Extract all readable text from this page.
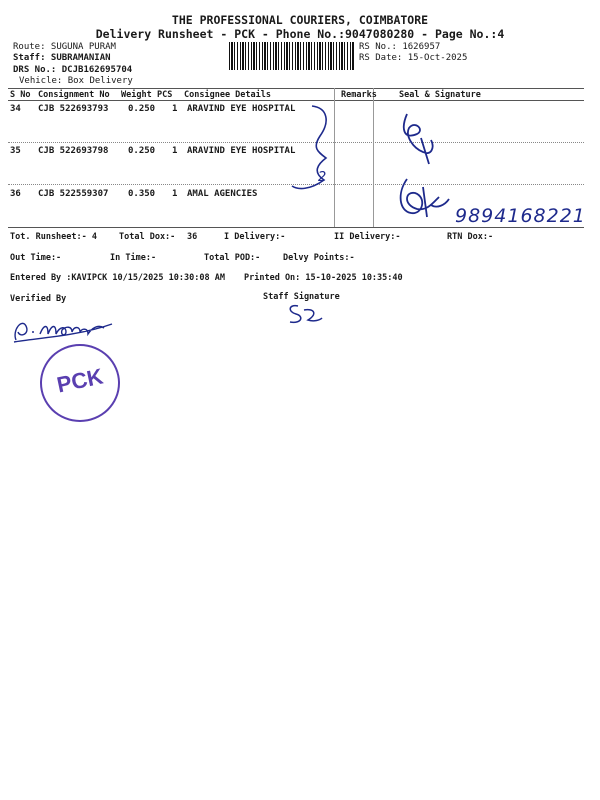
THE PROFESSIONAL COURIERS, COIMBATORE
Delivery Runsheet - PCK - Phone No.:9047080280 - Page No.:4
Route: SUGUNA PURAM
Staff: SUBRAMANIAN
DRS No.: DCJB162695704
Vehicle: Box Delivery
RS No.: 1626957
RS Date: 15-Oct-2025
S No Consignment No Weight PCS Consignee Details	Remarks	Seal & Signature
34 CJB 522693793 0.250 1 ARAVIND EYE HOSPITAL
35 CJB 522693798 0.250 1 ARAVIND EYE HOSPITAL
36 CJB 522559307 0.350 1 AMAL AGENCIES
2
9894168221
Tot. Runsheet:- 4	Total Dox:- 36	I Delivery:-	II Delivery:-	RTN Dox:-
Out Time:-	In Time:-	Total POD:-	Delvy Points:-
Entered By :KAVIPCK 10/15/2025 10:30:08 AM Printed On: 15-10-2025 10:35:40
Verified By	Staff Signature
PCK
